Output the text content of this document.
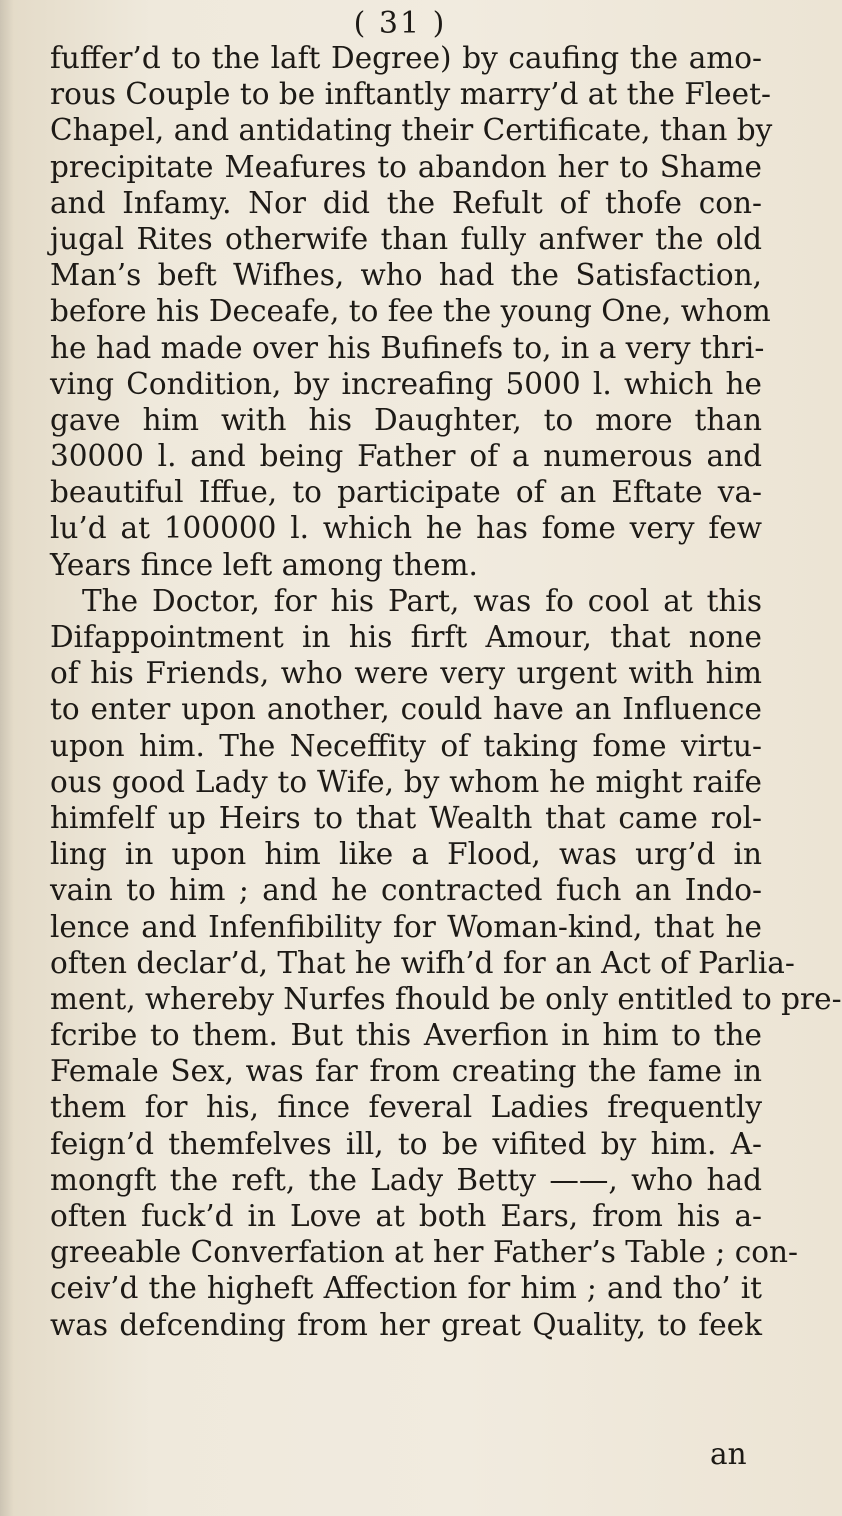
( 31 )
fuffer’d to the laft Degree) by caufing the amo-
rous Couple to be inftantly marry’d at the Fleet-
Chapel, and antidating their Certificate, than by
precipitate Meafures to abandon her to Shame
and Infamy. Nor did the Refult of thofe con-
jugal Rites otherwife than fully anfwer the old
Man’s beft Wifhes, who had the Satisfaction,
before his Deceafe, to fee the young One, whom
he had made over his Bufinefs to, in a very thri-
ving Condition, by increafing 5000 l. which he
gave him with his Daughter, to more than
30000 l. and being Father of a numerous and
beautiful Iffue, to participate of an Eftate va-
lu’d at 100000 l. which he has fome very few
Years fince left among them.
The Doctor, for his Part, was fo cool at this
Difappointment in his firft Amour, that none
of his Friends, who were very urgent with him
to enter upon another, could have an Influence
upon him. The Neceffity of taking fome virtu-
ous good Lady to Wife, by whom he might raife
himfelf up Heirs to that Wealth that came rol-
ling in upon him like a Flood, was urg’d in
vain to him ; and he contracted fuch an Indo-
lence and Infenfibility for Woman-kind, that he
often declar’d, That he wifh’d for an Act of Parlia-
ment, whereby Nurfes fhould be only entitled to pre-
fcribe to them. But this Averfion in him to the
Female Sex, was far from creating the fame in
them for his, fince feveral Ladies frequently
feign’d themfelves ill, to be vifited by him. A-
mongft the reft, the Lady Betty ——, who had
often fuck’d in Love at both Ears, from his a-
greeable Converfation at her Father’s Table ; con-
ceiv’d the higheft Affection for him ; and tho’ it
was defcending from her great Quality, to feek
an
